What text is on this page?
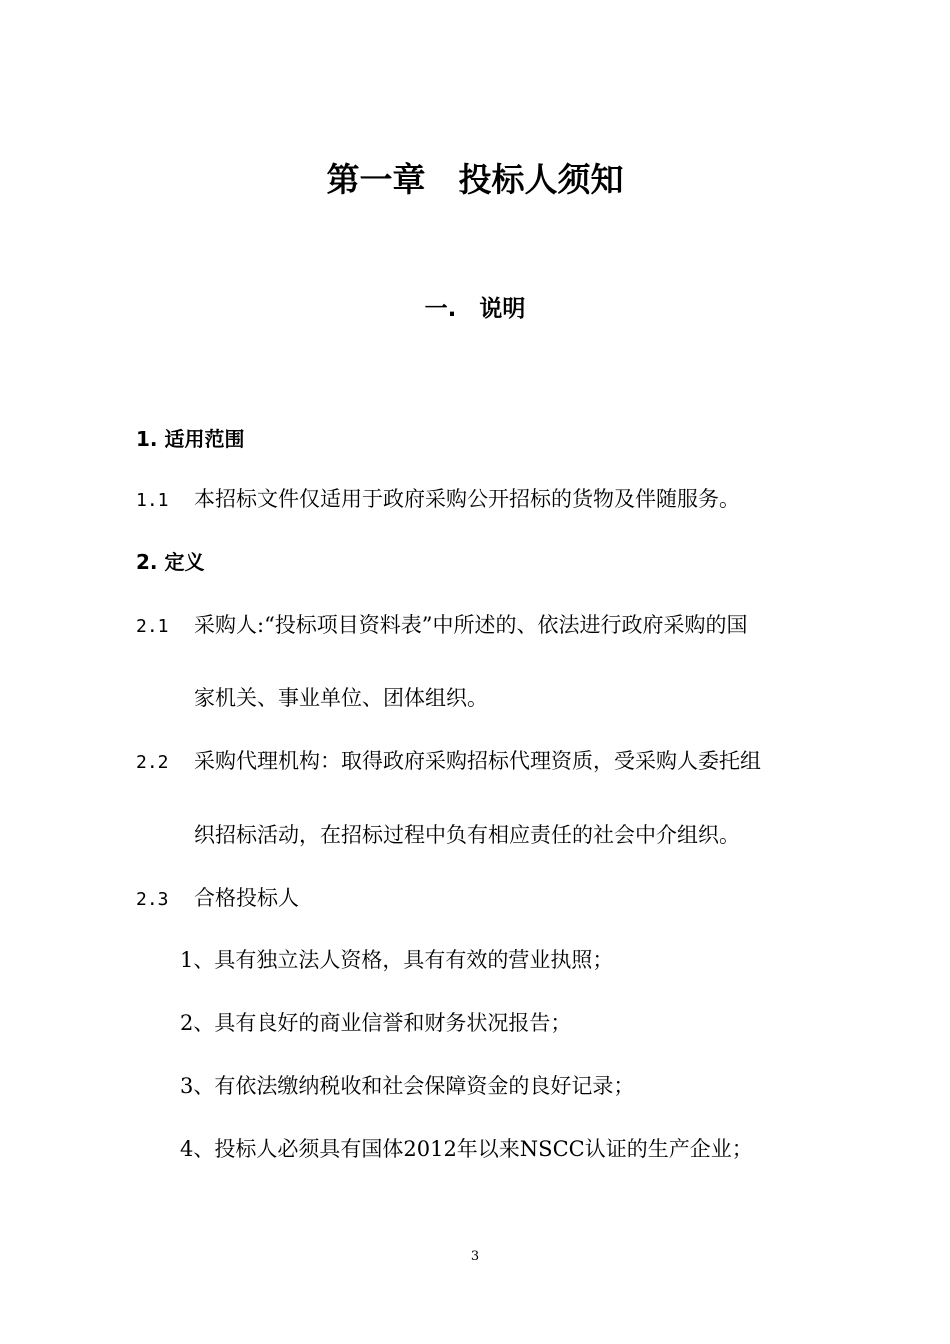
第一章　投标人须知
一.　说明
1. 适用范围
1.1 本招标文件仅适用于政府采购公开招标的货物及伴随服务。
2. 定义
2.1 采购人:“投标项目资料表”中所述的、依法进行政府采购的国
家机关、事业单位、团体组织。
2.2 采购代理机构：取得政府采购招标代理资质，受采购人委托组
织招标活动，在招标过程中负有相应责任的社会中介组织。
2.3 合格投标人
1、具有独立法人资格，具有有效的营业执照；
2、具有良好的商业信誉和财务状况报告；
3、有依法缴纳税收和社会保障资金的良好记录；
4、投标人必须具有国体2012年以来NSCC认证的生产企业；
3
